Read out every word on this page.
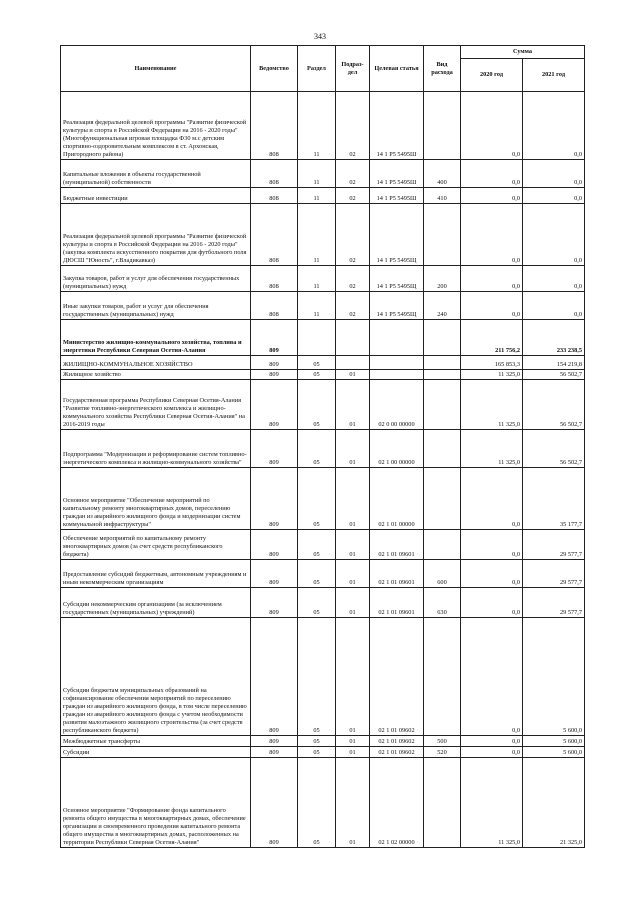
343
Наименование	Ведомство	Раздел	Подраз-дел	Целевая статья	Вид расхода	Сумма	
						2020 год	2021 год
Реализация федеральной целевой программы "Развитие физической культуры и спорта в Российской Федерации на 2016 - 2020 годы"(Многофункциональная игровая площадка Ф30 м.с детским спортивно-оздоровительным комплексом в ст. Архонская, Пригородного района)	808	11	02	14 1 Р5 5495Ш		0,0	0,0
Капитальные вложения в объекты государственной (муниципальной) собственности	808	11	02	14 1 Р5 5495Ш	400	0,0	0,0
Бюджетные инвестиции	808	11	02	14 1 Р5 5495Ш	410	0,0	0,0
Реализация федеральной целевой программы "Развитие физической культуры и спорта в Российской Федерации на 2016 - 2020 годы"(закупка комплекта искусственного покрытия для футбольного поля ДЮСШ "Юность", г.Владикавказ)	808	11	02	14 1 Р5 5495Щ		0,0	0,0
Закупка товаров, работ и услуг для обеспечения государственных (муниципальных) нужд	808	11	02	14 1 Р5 5495Щ	200	0,0	0,0
Иные закупки товаров, работ и услуг для обеспечения государственных (муниципальных) нужд	808	11	02	14 1 Р5 5495Щ	240	0,0	0,0
Министерство жилищно-коммунального хозяйства, топлива и энергетики Республики Северная Осетия-Алания	809					211 756,2	233 238,5
ЖИЛИЩНО-КОММУНАЛЬНОЕ ХОЗЯЙСТВО	809	05				165 853,3	154 219,8
Жилищное хозяйство	809	05	01			11 325,0	56 502,7
Государственная программа Республики Северная Осетия-Алания "Развитие топливно-энергетического комплекса и жилищно-коммунального хозяйства Республики Северная Осетия-Алания" на 2016-2019 годы	809	05	01	02 0 00 00000		11 325,0	56 502,7
Подпрограмма "Модернизация и реформирование систем топливно-энергетического комплекса и жилищно-коммунального хозяйства"	809	05	01	02 1 00 00000		11 325,0	56 502,7
Основное мероприятие "Обеспечение мероприятий по капитальному ремонту многоквартирных домов, переселению граждан из аварийного жилищного фонда и модернизации систем коммунальной инфраструктуры"	809	05	01	02 1 01 00000		0,0	35 177,7
Обеспечение мероприятий по капитальному ремонту многоквартирных домов (за счет средств республиканского бюджета)	809	05	01	02 1 01 09601		0,0	29 577,7
Предоставление субсидий бюджетным, автономным учреждениям и иным некоммерческим организациям	809	05	01	02 1 01 09601	600	0,0	29 577,7
Субсидии некоммерческим организациям (за исключением государственных (муниципальных) учреждений)	809	05	01	02 1 01 09601	630	0,0	29 577,7
Субсидии бюджетам муниципальных образований на софинансирование обеспечения мероприятий по переселению граждан из аварийного жилищного фонда, в том числе переселению граждан из аварийного жилищного фонда с учетом необходимости развития малоэтажного жилищного строительства (за счет средств республиканского бюджета)	809	05	01	02 1 01 09602		0,0	5 600,0
Межбюджетные трансферты	809	05	01	02 1 01 09602	500	0,0	5 600,0
Субсидии	809	05	01	02 1 01 09602	520	0,0	5 600,0
Основное мероприятие "Формирование фонда капитального ремонта общего имущества в многоквартирных домах, обеспечение организации и своевременного проведения капитального ремонта общего имущества в многоквартирных домах, расположенных на территории Республики Северная Осетия-Алания"	809	05	01	02 1 02 00000		11 325,0	21 325,0
